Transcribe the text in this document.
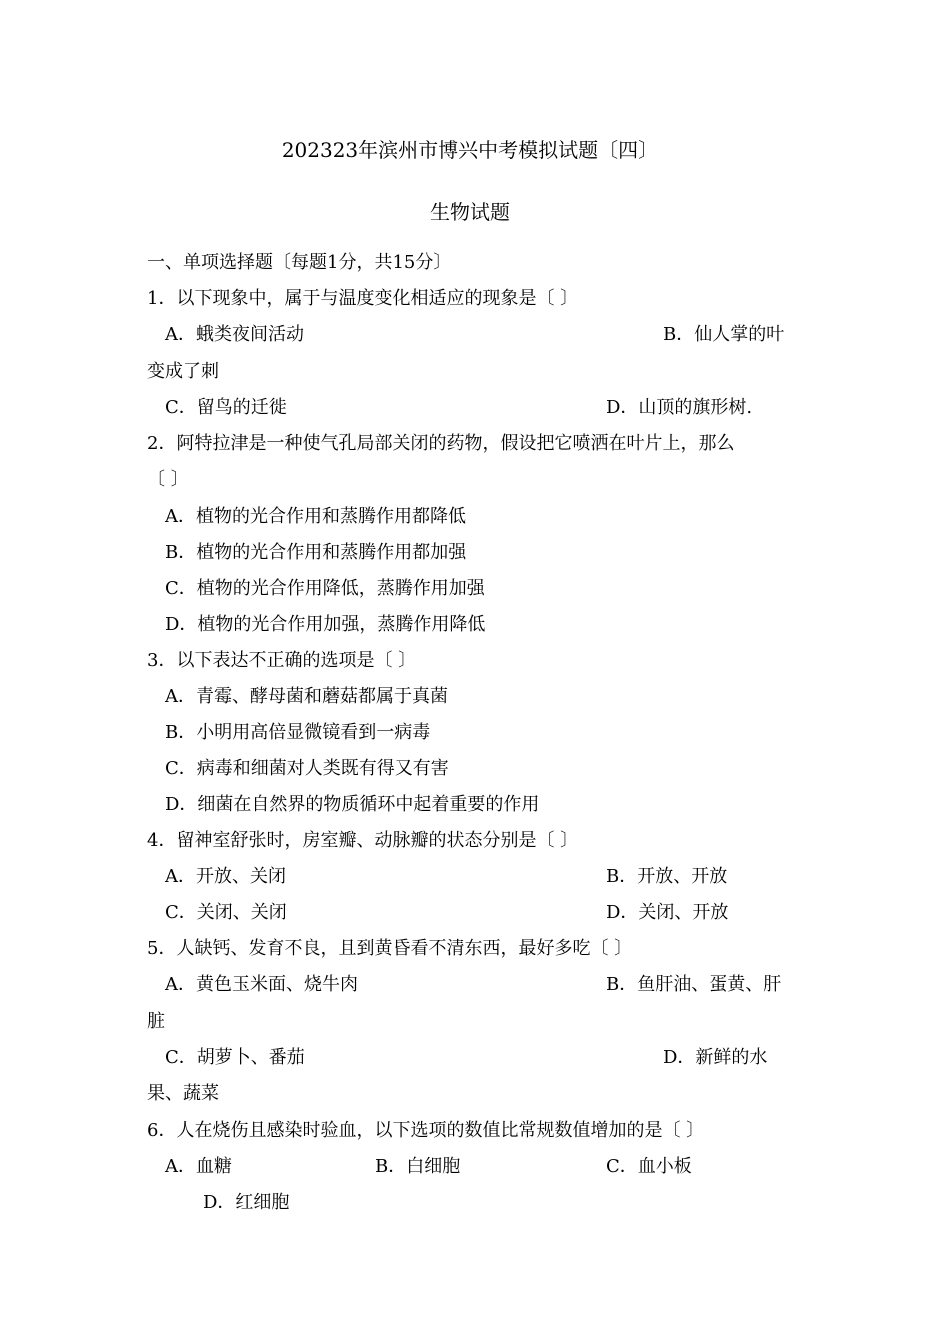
202323年滨州市博兴中考模拟试题〔四〕
生物试题
一、单项选择题〔每题1分，共15分〕
1．以下现象中，属于与温度变化相适应的现象是〔 〕
A．蛾类夜间活动	B．仙人掌的叶
变成了刺
C．留鸟的迁徙	D．山顶的旗形树.
2．阿特拉津是一种使气孔局部关闭的药物，假设把它喷洒在叶片上，那么
〔 〕
A．植物的光合作用和蒸腾作用都降低
B．植物的光合作用和蒸腾作用都加强
C．植物的光合作用降低，蒸腾作用加强
D．植物的光合作用加强，蒸腾作用降低
3．以下表达不正确的选项是〔 〕
A．青霉、酵母菌和蘑菇都属于真菌
B．小明用高倍显微镜看到一病毒
C．病毒和细菌对人类既有得又有害
D．细菌在自然界的物质循环中起着重要的作用
4．留神室舒张时，房室瓣、动脉瓣的状态分别是〔 〕
A．开放、关闭	B．开放、开放
C．关闭、关闭	D．关闭、开放
5．人缺钙、发育不良，且到黄昏看不清东西，最好多吃〔 〕
A．黄色玉米面、烧牛肉	B．鱼肝油、蛋黄、肝
脏
C．胡萝卜、番茄	D．新鲜的水
果、蔬菜
6．人在烧伤且感染时验血，以下选项的数值比常规数值增加的是〔 〕
A．血糖	B．白细胞	C．血小板
D．红细胞
